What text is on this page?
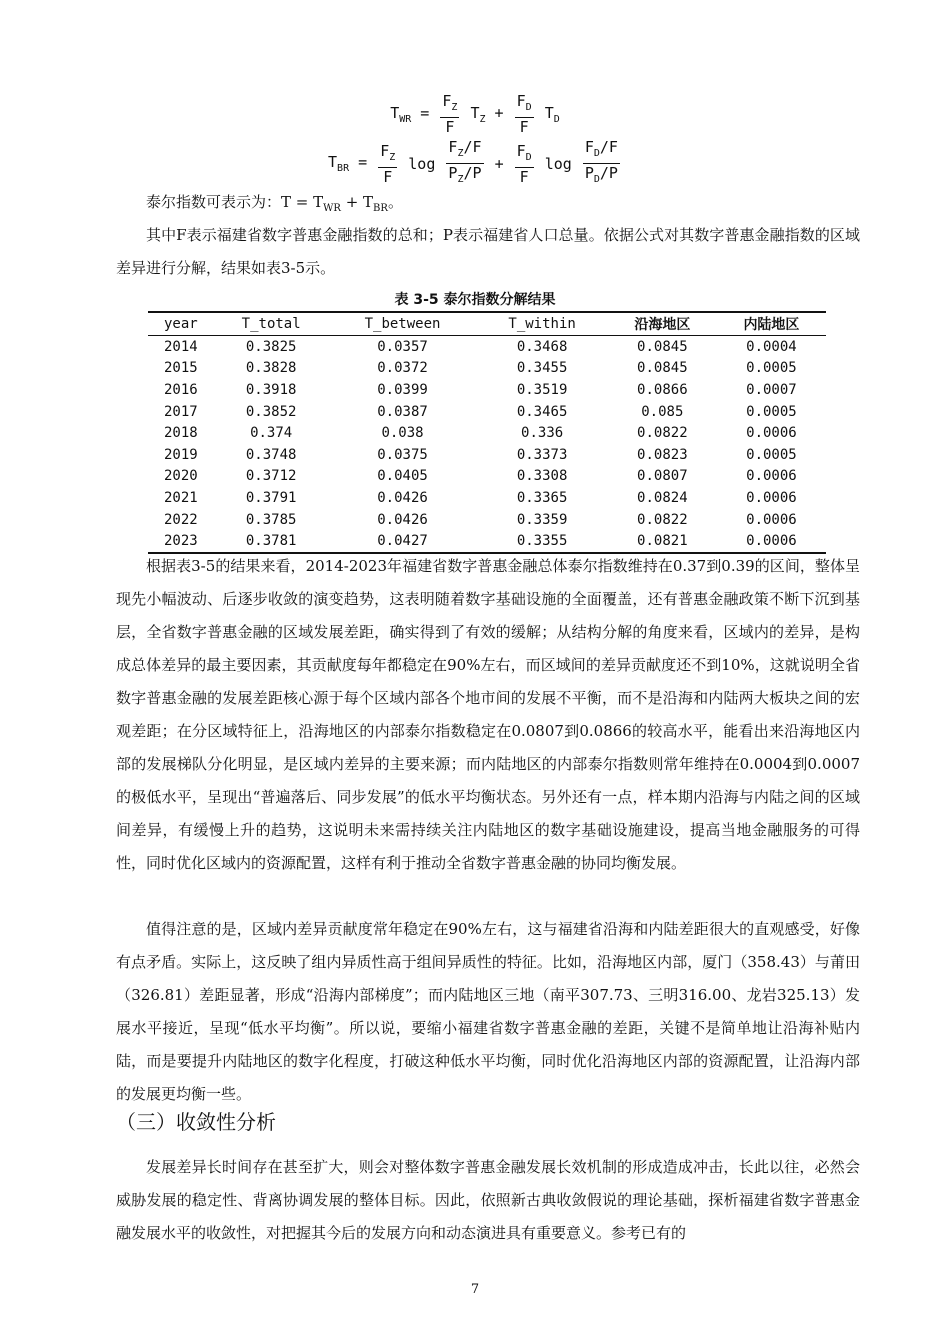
$T_{WR} = \frac{F_Z}{F} T_Z + \frac{F_D}{F} T_D$
$T_{BR} = \frac{F_Z}{F}$ $\log \frac{F_Z/F}{P_Z/P} + \frac{F_D}{F}$ $\log \frac{F_D/F}{P_D/P}$
泰尔指数可表示为：$T = T_{WR} + T_{BR}$。
其中F表示福建省数字普惠金融指数的总和；P表示福建省人口总量。依据公式对其数字普惠金融指数的区域差异进行分解，结果如表3-5示。
表 3-5 泰尔指数分解结果
year	T_total	T_between	T_within	沿海地区	内陆地区
2014	0.3825	0.0357	0.3468	0.0845	0.0004
2015	0.3828	0.0372	0.3455	0.0845	0.0005
2016	0.3918	0.0399	0.3519	0.0866	0.0007
2017	0.3852	0.0387	0.3465	0.085	0.0005
2018	0.374	0.038	0.336	0.0822	0.0006
2019	0.3748	0.0375	0.3373	0.0823	0.0005
2020	0.3712	0.0405	0.3308	0.0807	0.0006
2021	0.3791	0.0426	0.3365	0.0824	0.0006
2022	0.3785	0.0426	0.3359	0.0822	0.0006
2023	0.3781	0.0427	0.3355	0.0821	0.0006
根据表3-5的结果来看，2014-2023年福建省数字普惠金融总体泰尔指数维持在0.37到0.39的区间，整体呈现先小幅波动、后逐步收敛的演变趋势，这表明随着数字基础设施的全面覆盖，还有普惠金融政策不断下沉到基层，全省数字普惠金融的区域发展差距，确实得到了有效的缓解；从结构分解的角度来看，区域内的差异，是构成总体差异的最主要因素，其贡献度每年都稳定在90%左右，而区域间的差异贡献度还不到10%，这就说明全省数字普惠金融的发展差距核心源于每个区域内部各个地市间的发展不平衡，而不是沿海和内陆两大板块之间的宏观差距；在分区域特征上，沿海地区的内部泰尔指数稳定在0.0807到0.0866的较高水平，能看出来沿海地区内部的发展梯队分化明显，是区域内差异的主要来源；而内陆地区的内部泰尔指数则常年维持在0.0004到0.0007的极低水平，呈现出“普遍落后、同步发展”的低水平均衡状态。另外还有一点，样本期内沿海与内陆之间的区域间差异，有缓慢上升的趋势，这说明未来需持续关注内陆地区的数字基础设施建设，提高当地金融服务的可得性，同时优化区域内的资源配置，这样有利于推动全省数字普惠金融的协同均衡发展。
值得注意的是，区域内差异贡献度常年稳定在90%左右，这与福建省沿海和内陆差距很大的直观感受，好像有点矛盾。实际上，这反映了组内异质性高于组间异质性的特征。比如，沿海地区内部，厦门（358.43）与莆田（326.81）差距显著，形成“沿海内部梯度”；而内陆地区三地（南平307.73、三明316.00、龙岩325.13）发展水平接近，呈现“低水平均衡”。所以说，要缩小福建省数字普惠金融的差距，关键不是简单地让沿海补贴内陆，而是要提升内陆地区的数字化程度，打破这种低水平均衡，同时优化沿海地区内部的资源配置，让沿海内部的发展更均衡一些。
（三）收敛性分析
发展差异长时间存在甚至扩大，则会对整体数字普惠金融发展长效机制的形成造成冲击，长此以往，必然会威胁发展的稳定性、背离协调发展的整体目标。因此，依照新古典收敛假说的理论基础，探析福建省数字普惠金融发展水平的收敛性，对把握其今后的发展方向和动态演进具有重要意义。参考已有的
7
